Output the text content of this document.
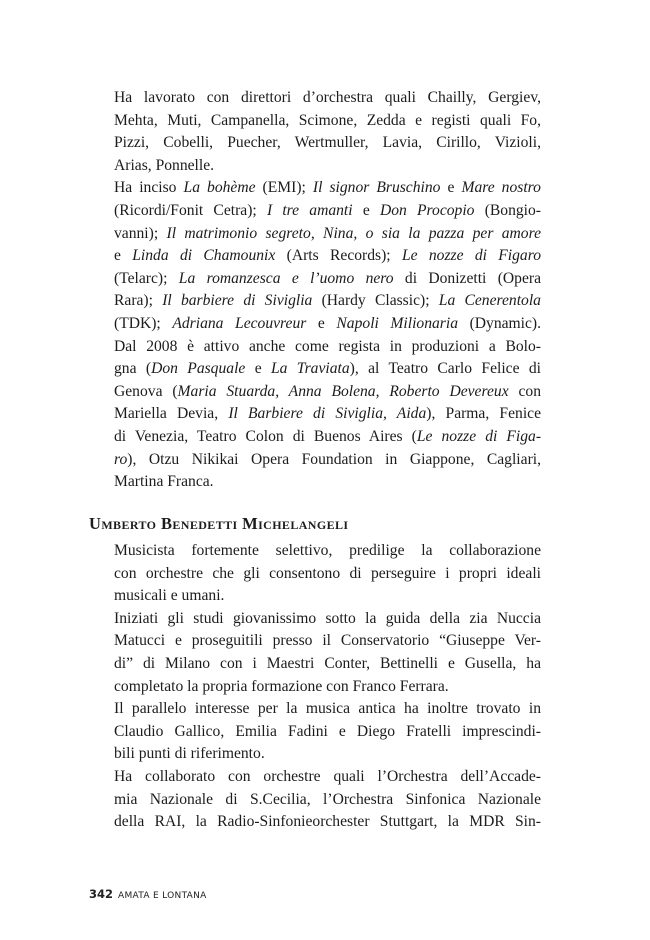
Ha lavorato con direttori d’orchestra quali Chailly, Gergiev,
Mehta, Muti, Campanella, Scimone, Zedda e registi quali Fo,
Pizzi, Cobelli, Puecher, Wertmuller, Lavia, Cirillo, Vizioli,
Arias, Ponnelle.
Ha inciso La bohème (EMI); Il signor Bruschino e Mare nostro
(Ricordi/Fonit Cetra); I tre amanti e Don Procopio (Bongio-
vanni); Il matrimonio segreto, Nina, o sia la pazza per amore
e Linda di Chamounix (Arts Records); Le nozze di Figaro
(Telarc); La romanzesca e l’uomo nero di Donizetti (Opera
Rara); Il barbiere di Siviglia (Hardy Classic); La Cenerentola
(TDK); Adriana Lecouvreur e Napoli Milionaria (Dynamic).
Dal 2008 è attivo anche come regista in produzioni a Bolo-
gna (Don Pasquale e La Traviata), al Teatro Carlo Felice di
Genova (Maria Stuarda, Anna Bolena, Roberto Devereux con
Mariella Devia, Il Barbiere di Siviglia, Aida), Parma, Fenice
di Venezia, Teatro Colon di Buenos Aires (Le nozze di Figa-
ro), Otzu Nikikai Opera Foundation in Giappone, Cagliari,
Martina Franca.
Umberto Benedetti Michelangeli
Musicista fortemente selettivo, predilige la collaborazione
con orchestre che gli consentono di perseguire i propri ideali
musicali e umani.
Iniziati gli studi giovanissimo sotto la guida della zia Nuccia
Matucci e proseguitili presso il Conservatorio “Giuseppe Ver-
di” di Milano con i Maestri Conter, Bettinelli e Gusella, ha
completato la propria formazione con Franco Ferrara.
Il parallelo interesse per la musica antica ha inoltre trovato in
Claudio Gallico, Emilia Fadini e Diego Fratelli imprescindi-
bili punti di riferimento.
Ha collaborato con orchestre quali l’Orchestra dell’Accade-
mia Nazionale di S.Cecilia, l’Orchestra Sinfonica Nazionale
della RAI, la Radio-Sinfonieorchester Stuttgart, la MDR Sin-
342 AMATA E LONTANA
